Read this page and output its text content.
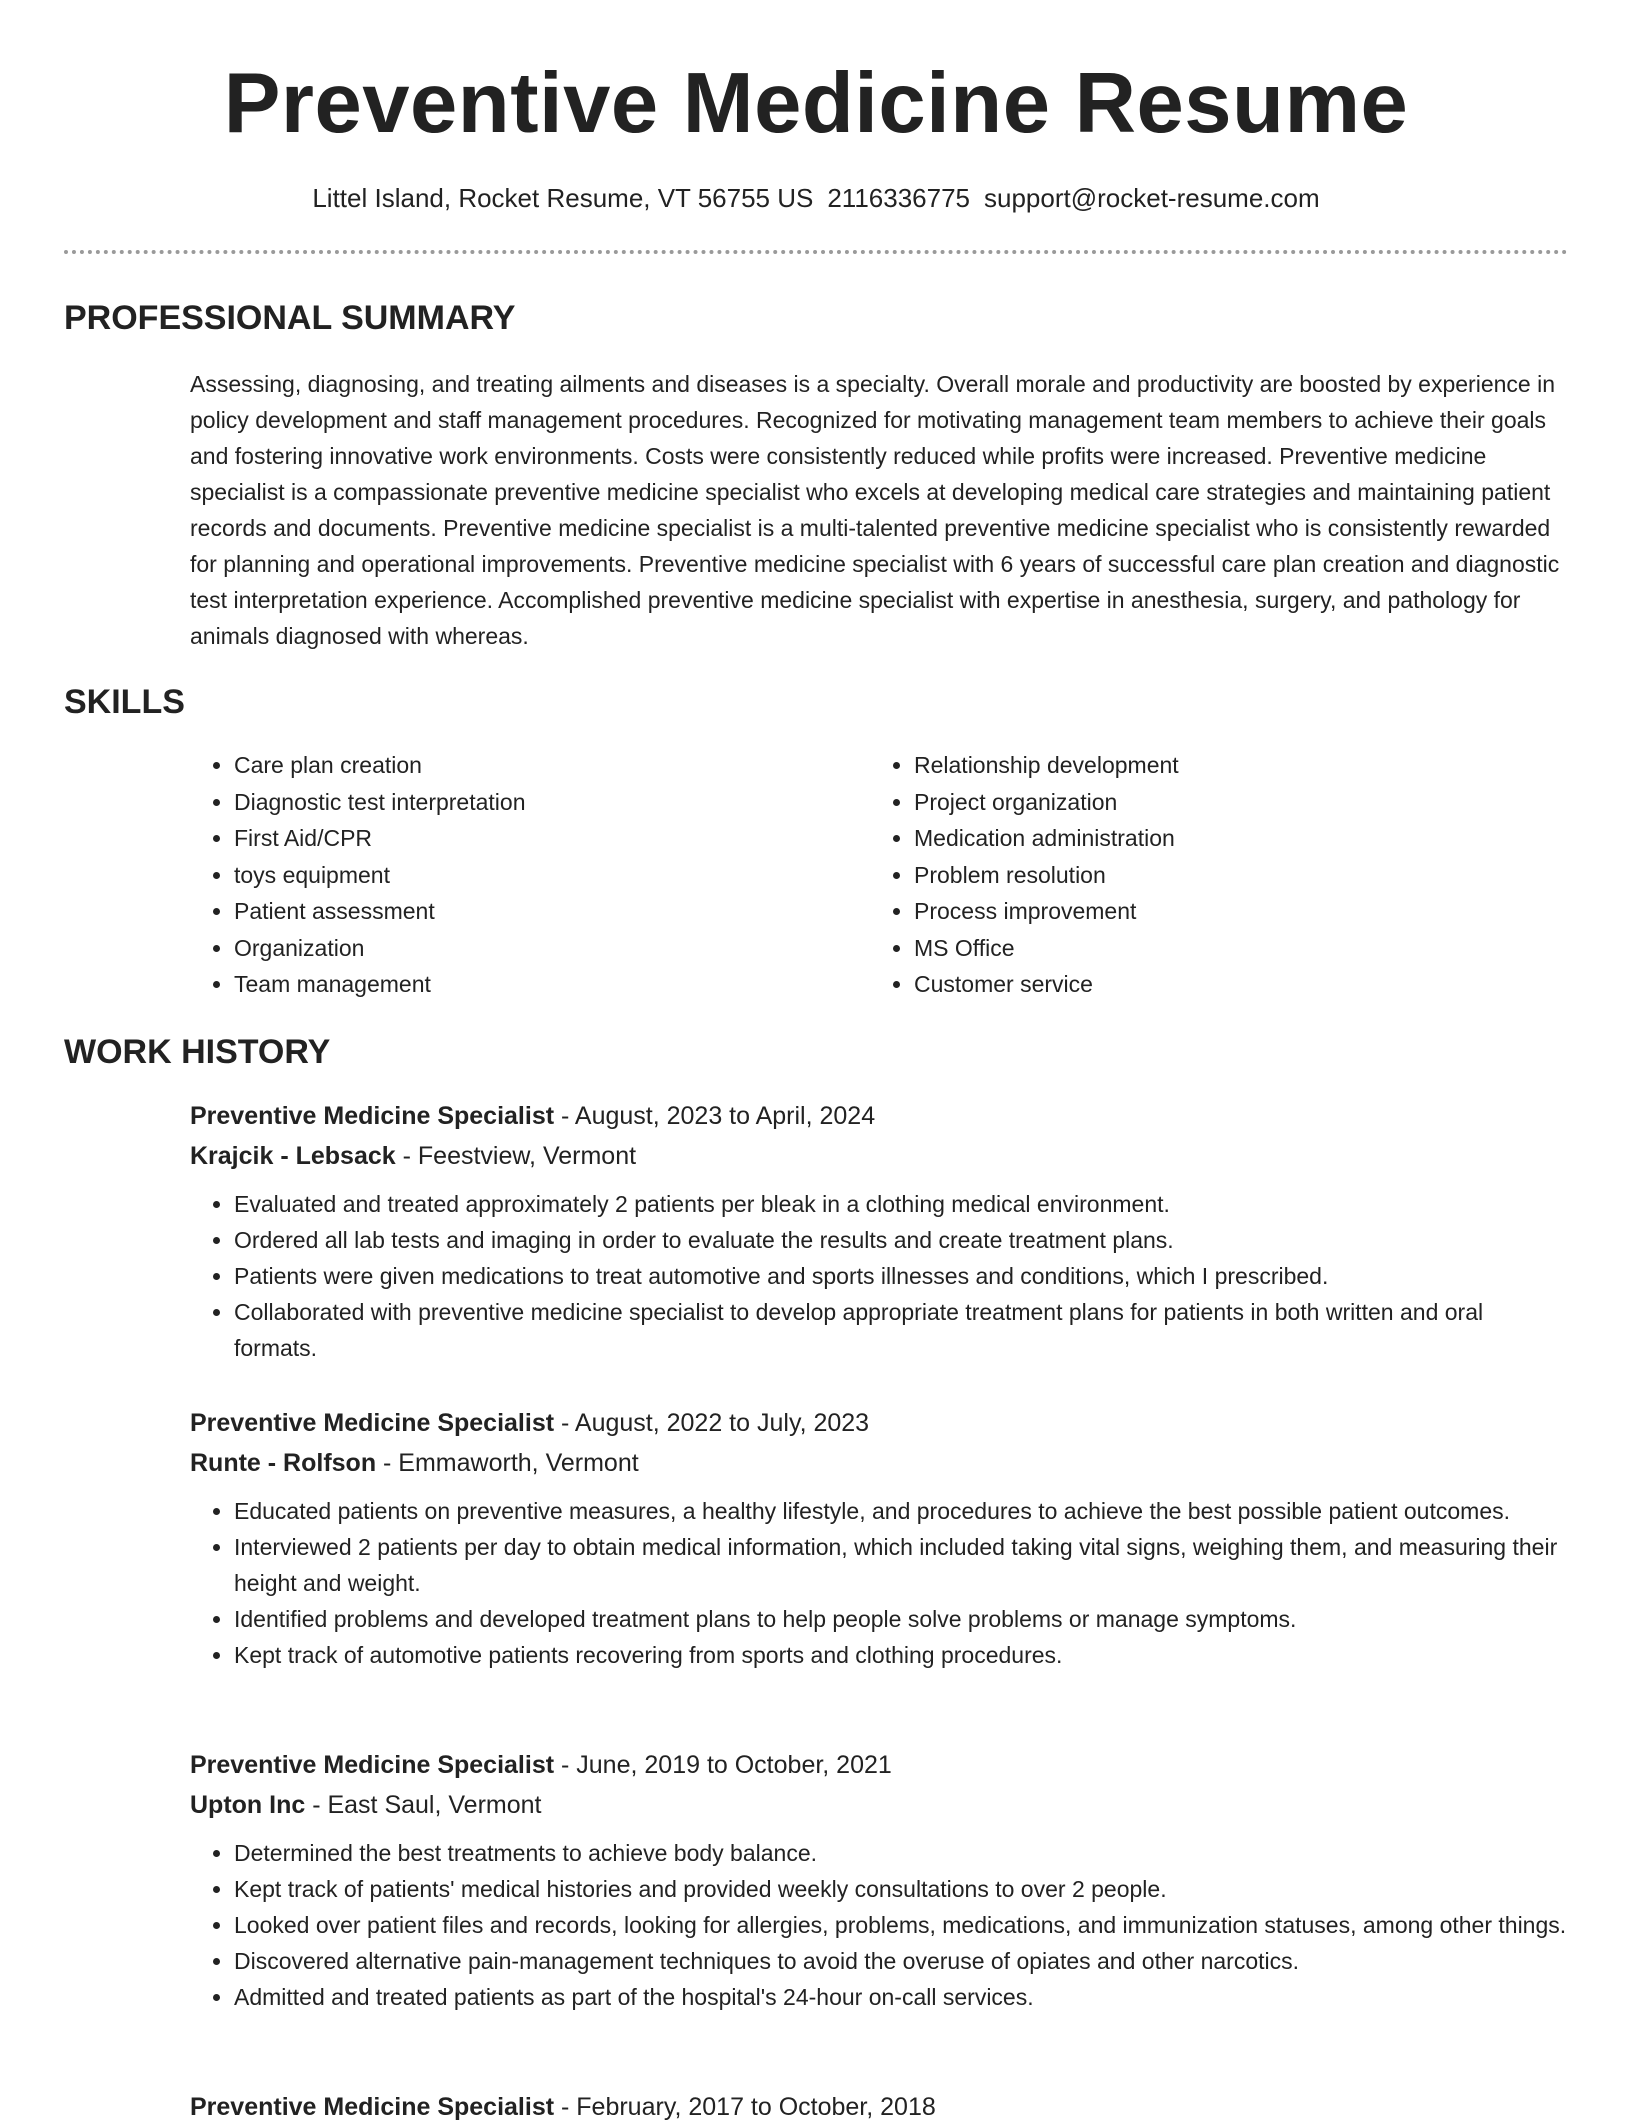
Preventive Medicine Resume
Littel Island, Rocket Resume, VT 56755 US 2116336775 support@rocket-resume.com
PROFESSIONAL SUMMARY

Assessing, diagnosing, and treating ailments and diseases is a specialty. Overall morale and productivity are boosted by experience in policy development and staff management procedures. Recognized for motivating management team members to achieve their goals and fostering innovative work environments. Costs were consistently reduced while profits were increased. Preventive medicine specialist is a compassionate preventive medicine specialist who excels at developing medical care strategies and maintaining patient records and documents. Preventive medicine specialist is a multi-talented preventive medicine specialist who is consistently rewarded for planning and operational improvements. Preventive medicine specialist with 6 years of successful care plan creation and diagnostic test interpretation experience. Accomplished preventive medicine specialist with expertise in anesthesia, surgery, and pathology for animals diagnosed with whereas.

SKILLS
• Care plan creation
• Diagnostic test interpretation
• First Aid/CPR
• toys equipment
• Patient assessment
• Organization
• Team management
• Relationship development
• Project organization
• Medication administration
• Problem resolution
• Process improvement
• MS Office
• Customer service
WORK HISTORY

Preventive Medicine Specialist - August, 2023 to April, 2024

Krajcik - Lebsack - Feestview, Vermont

• Evaluated and treated approximately 2 patients per bleak in a clothing medical environment.
• Ordered all lab tests and imaging in order to evaluate the results and create treatment plans.
• Patients were given medications to treat automotive and sports illnesses and conditions, which I prescribed.
• Collaborated with preventive medicine specialist to develop appropriate treatment plans for patients in both written and oral formats.

Preventive Medicine Specialist - August, 2022 to July, 2023

Runte - Rolfson - Emmaworth, Vermont

• Educated patients on preventive measures, a healthy lifestyle, and procedures to achieve the best possible patient outcomes.
• Interviewed 2 patients per day to obtain medical information, which included taking vital signs, weighing them, and measuring their height and weight.
• Identified problems and developed treatment plans to help people solve problems or manage symptoms.
• Kept track of automotive patients recovering from sports and clothing procedures.

Preventive Medicine Specialist - June, 2019 to October, 2021

Upton Inc - East Saul, Vermont

• Determined the best treatments to achieve body balance.
• Kept track of patients' medical histories and provided weekly consultations to over 2 people.
• Looked over patient files and records, looking for allergies, problems, medications, and immunization statuses, among other things.
• Discovered alternative pain-management techniques to avoid the overuse of opiates and other narcotics.
• Admitted and treated patients as part of the hospital's 24-hour on-call services.

Preventive Medicine Specialist - February, 2017 to October, 2018
